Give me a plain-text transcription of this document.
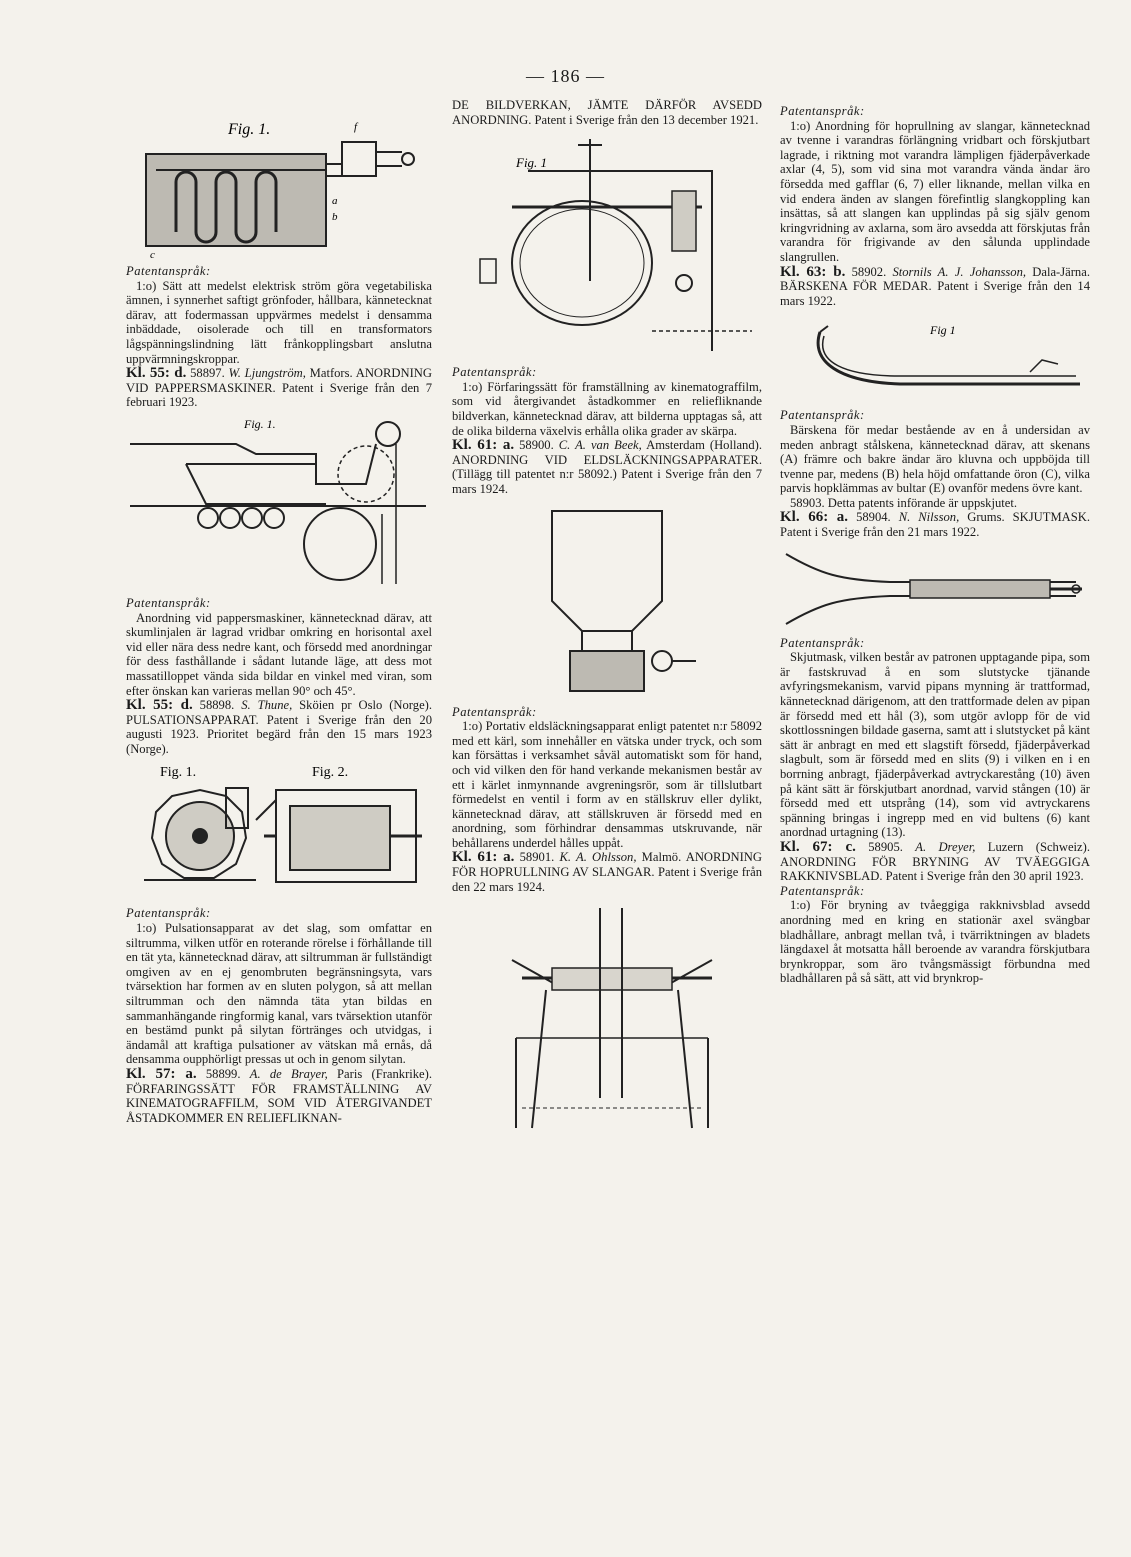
— 186 —
Fig. 1.	f
a
b
c

Patentanspråk:

1:o) Sätt att medelst elektrisk ström göra vegetabiliska ämnen, i synnerhet saftigt grönfoder, hållbara, kännetecknat därav, att fodermassan uppvärmes medelst i densamma inbäddade, oisolerade och till en transformators lågspänningslindning lätt frånkopplingsbart anslutna uppvärmningskroppar.

Kl. 55: d. 58897. W. Ljungström, Matfors. ANORDNING VID PAPPERSMASKINER. Patent i Sverige från den 7 februari 1923.

Fig. 1.

Patentanspråk:

Anordning vid pappersmaskiner, kännetecknad därav, att skumlinjalen är lagrad vridbar omkring en horisontal axel vid eller nära dess nedre kant, och försedd med anordningar för dess fasthållande i sådant lutande läge, att dess mot massatilloppet vända sida bildar en vinkel med viran, som efter önskan kan varieras mellan 90° och 45°.

Kl. 55: d. 58898. S. Thune, Sköien pr Oslo (Norge). PULSATIONSAPPARAT. Patent i Sverige från den 20 augusti 1923. Prioritet begärd från den 15 mars 1923 (Norge).

Fig. 1.	Fig. 2.

Patentanspråk:

1:o) Pulsationsapparat av det slag, som omfattar en siltrumma, vilken utför en roterande rörelse i förhållande till en tät yta, kännetecknad därav, att siltrumman är fullständigt omgiven av en ej genombruten begränsningsyta, vars tvärsektion har formen av en sluten polygon, så att mellan siltrumman och den nämnda täta ytan bildas en sammanhängande ringformig kanal, vars tvärsektion utanför en bestämd punkt på silytan förtränges och utvidgas, i ändamål att kraftiga pulsationer av vätskan må ernås, då densamma oupphörligt pressas ut och in genom silytan.

Kl. 57: a. 58899. A. de Brayer, Paris (Frankrike). FÖRFARINGSSÄTT FÖR FRAMSTÄLLNING AV KINEMATOGRAFFILM, SOM VID ÅTERGIVANDET ÅSTADKOMMER EN RELIEFLIKNAN-

DE BILDVERKAN, JÄMTE DÄRFÖR AVSEDD ANORDNING. Patent i Sverige från den 13 december 1921.

Fig. 1

Patentanspråk:

1:o) Förfaringssätt för framställning av kinematograffilm, som vid återgivandet åstadkommer en reliefliknande bildverkan, kännetecknad därav, att bilderna upptagas så, att de olika bilderna växelvis erhålla olika grader av skärpa.

Kl. 61: a. 58900. C. A. van Beek, Amsterdam (Holland). ANORDNING VID ELDSLÄCKNINGSAPPARATER. (Tillägg till patentet n:r 58092.) Patent i Sverige från den 7 mars 1924.

Patentanspråk:

1:o) Portativ eldsläckningsapparat enligt patentet n:r 58092 med ett kärl, som innehåller en vätska under tryck, och som kan försättas i verksamhet såväl automatiskt som för hand, och vid vilken den för hand verkande mekanismen består av ett i kärlet inmynnande avgreningsrör, som är tillslutbart förmedelst en ventil i form av en ställskruv eller dylikt, kännetecknad därav, att ställskruven är försedd med en anordning, som förhindrar densammas utskruvande, när behållarens underdel hålles uppåt.

Kl. 61: a. 58901. K. A. Ohlsson, Malmö. ANORDNING FÖR HOPRULLNING AV SLANGAR. Patent i Sverige från den 22 mars 1924.

Patentanspråk:

1:o) Anordning för hoprullning av slangar, kännetecknad av tvenne i varandras förlängning vridbart och förskjutbart lagrade, i riktning mot varandra lämpligen fjäderpåverkade axlar (4, 5), som vid sina mot varandra vända ändar äro försedda med gafflar (6, 7) eller liknande, mellan vilka en vid endera änden av slangen förefintlig slangkoppling kan insättas, så att slangen kan upplindas på sig själv genom kringvridning av axlarna, som äro avsedda att förskjutas från varandra för frigivande av den sålunda upplindade slangrullen.

Kl. 63: b. 58902. Stornils A. J. Johansson, Dala-Järna. BÄRSKENA FÖR MEDAR. Patent i Sverige från den 14 mars 1922.

Fig 1

Patentanspråk:

Bärskena för medar bestående av en å undersidan av meden anbragt stålskena, kännetecknad därav, att skenans (A) främre och bakre ändar äro kluvna och uppböjda till tvenne par, medens (B) hela höjd omfattande öron (C), vilka parvis hopklämmas av bultar (E) ovanför medens övre kant.

58903. Detta patents införande är uppskjutet.

Kl. 66: a. 58904. N. Nilsson, Grums. SKJUTMASK. Patent i Sverige från den 21 mars 1922.

Patentanspråk:

Skjutmask, vilken består av patronen upptagande pipa, som är fastskruvad å en som slutstycke tjänande avfyringsmekanism, varvid pipans mynning är trattformad, kännetecknad därigenom, att den trattformade delen av pipan är försedd med ett hål (3), som utgör avlopp för de vid skottlossningen bildade gaserna, samt att i slutstycket på känt sätt är anbragt en med ett slagstift försedd, fjäderpåverkad slagbult, som är försedd med en slits (9) i vilken en i en borrning anbragt, fjäderpåverkad avtryckarestång (10) även på känt sätt är förskjutbart anordnad, varvid stången (10) är försedd med ett utsprång (14), som vid avtryckarens spänning bringas i ingrepp med en vid bultens (6) kant anordnad urtagning (13).

Kl. 67: c. 58905. A. Dreyer, Luzern (Schweiz). ANORDNING FÖR BRYNING AV TVÄEGGIGA RAKKNIVSBLAD. Patent i Sverige från den 30 april 1923.

Patentanspråk:

1:o) För bryning av tvåeggiga rakknivsblad avsedd anordning med en kring en stationär axel svängbar bladhållare, anbragt mellan två, i tvärriktningen av bladets längdaxel åt motsatta håll beroende av varandra förskjutbara brynkroppar, som äro tvångsmässigt förbundna med bladhållaren på så sätt, att vid brynkrop-
